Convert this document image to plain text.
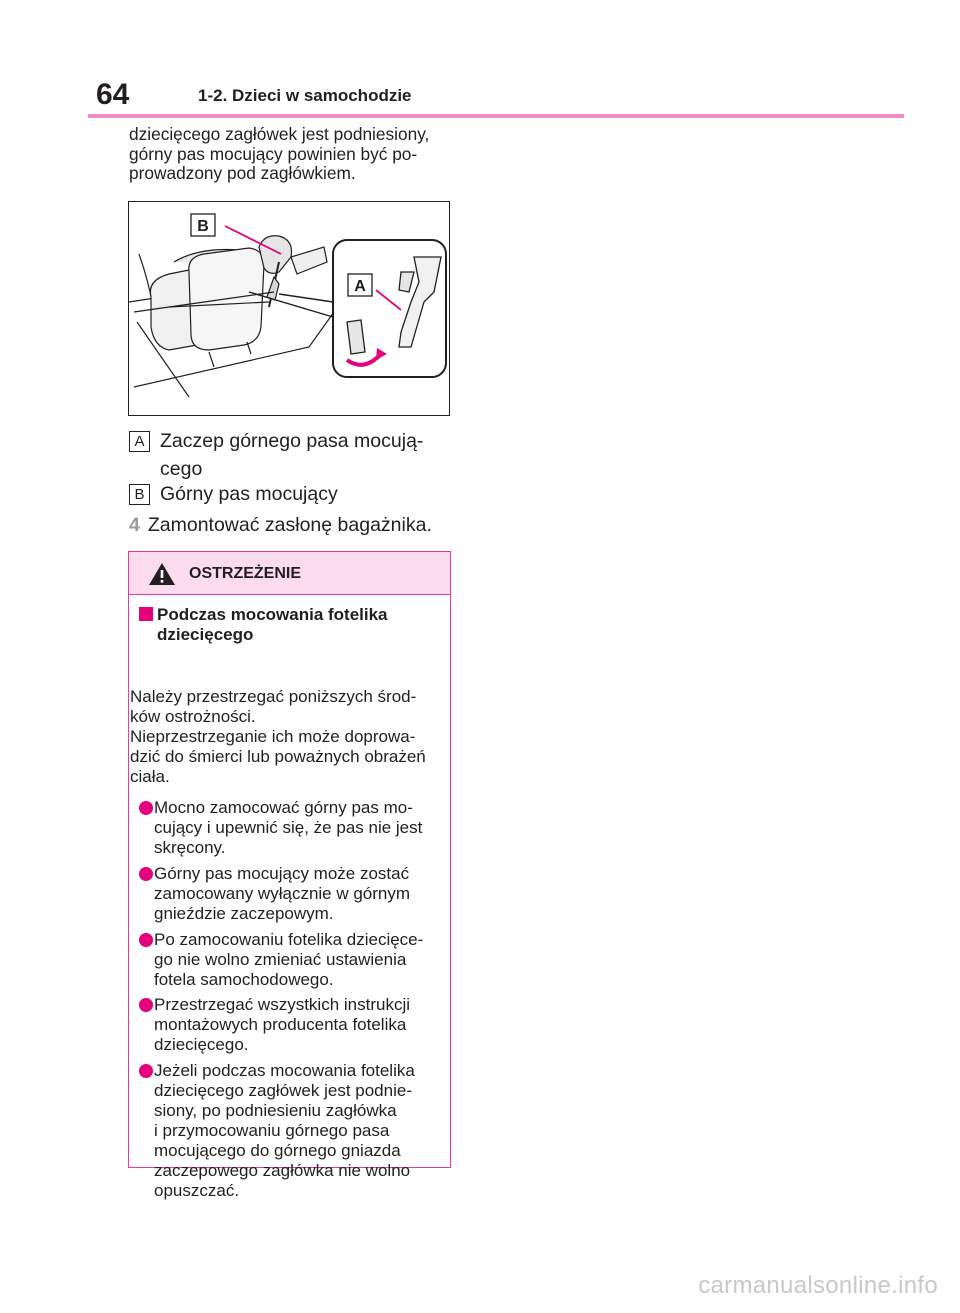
64	1-2. Dzieci w samochodzie
dziecięcego zagłówek jest podniesiony,
górny pas mocujący powinien być po-
prowadzony pod zagłówkiem.
B
A
A Zaczep górnego pasa mocują-
cego
B Górny pas mocujący
4 Zamontować zasłonę bagażnika.
OSTRZEŻENIE
Podczas mocowania fotelika
dziecięcego
Należy przestrzegać poniższych środ-
ków ostrożności.
Nieprzestrzeganie ich może doprowa-
dzić do śmierci lub poważnych obrażeń
ciała.
Mocno zamocować górny pas mo-
cujący i upewnić się, że pas nie jest
skręcony.
Górny pas mocujący może zostać
zamocowany wyłącznie w górnym
gnieździe zaczepowym.
Po zamocowaniu fotelika dziecięce-
go nie wolno zmieniać ustawienia
fotela samochodowego.
Przestrzegać wszystkich instrukcji
montażowych producenta fotelika
dziecięcego.
Jeżeli podczas mocowania fotelika
dziecięcego zagłówek jest podnie-
siony, po podniesieniu zagłówka
i przymocowaniu górnego pasa
mocującego do górnego gniazda
zaczepowego zagłówka nie wolno
opuszczać.
carmanualsonline.info
